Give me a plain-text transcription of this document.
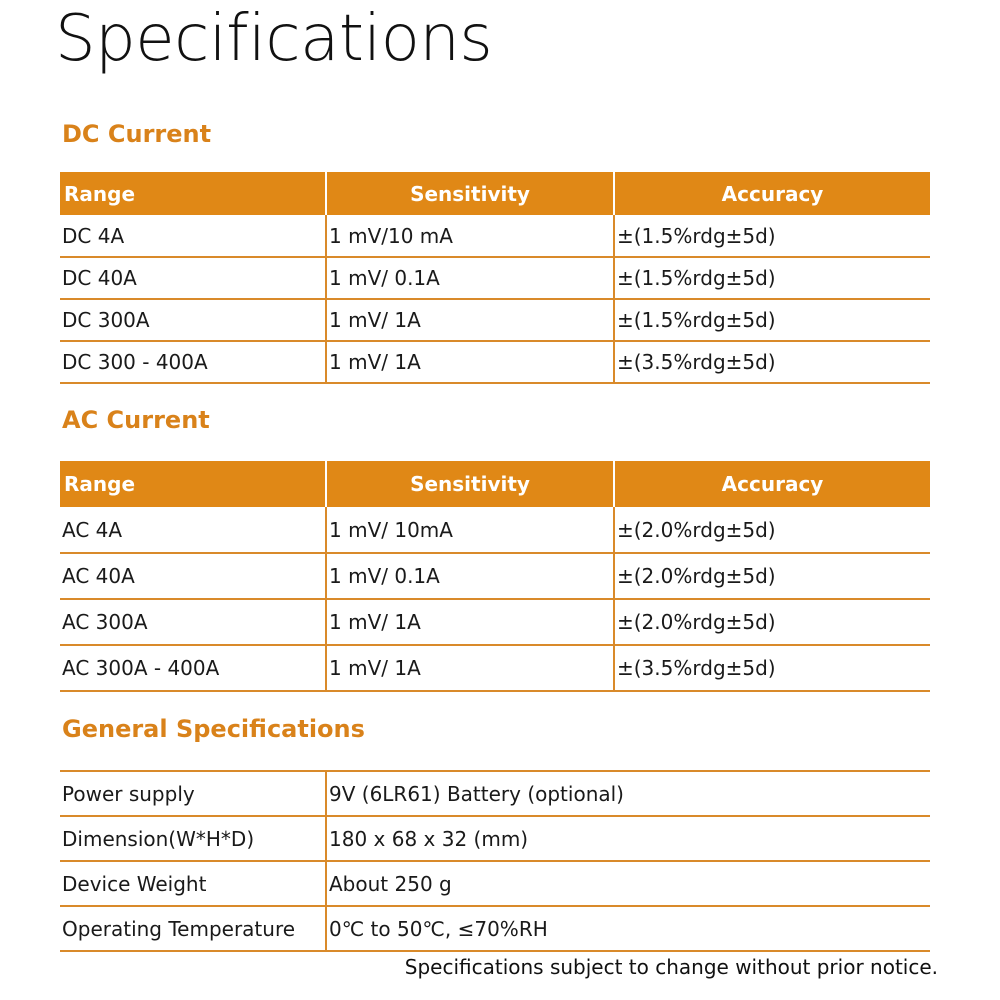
Specifications
DC Current
Range	Sensitivity	Accuracy
DC 4A	1 mV/10 mA	±(1.5%rdg±5d)
DC 40A	1 mV/ 0.1A	±(1.5%rdg±5d)
DC 300A	1 mV/ 1A	±(1.5%rdg±5d)
DC 300 - 400A	1 mV/ 1A	±(3.5%rdg±5d)
AC Current
Range	Sensitivity	Accuracy
AC 4A	1 mV/ 10mA	±(2.0%rdg±5d)
AC 40A	1 mV/ 0.1A	±(2.0%rdg±5d)
AC 300A	1 mV/ 1A	±(2.0%rdg±5d)
AC 300A - 400A	1 mV/ 1A	±(3.5%rdg±5d)
General Specifications
Power supply	9V (6LR61) Battery (optional)
Dimension(W*H*D)	180 x 68 x 32 (mm)
Device Weight	About 250 g
Operating Temperature	0℃ to 50℃, ≤70%RH
Specifications subject to change without prior notice.
